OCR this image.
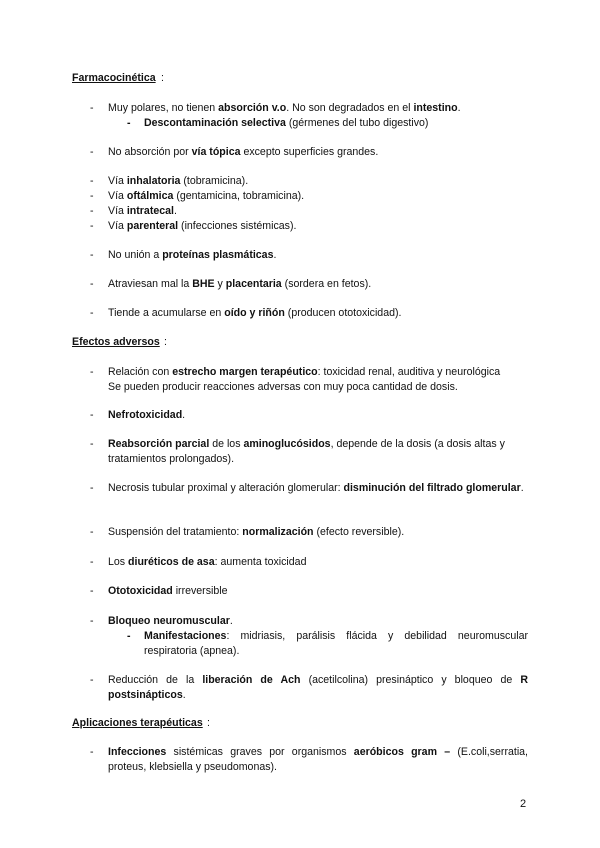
Farmacocinética :
- Muy polares, no tienen absorción v.o. No son degradados en el intestino.
- Descontaminación selectiva (gérmenes del tubo digestivo)
- No absorción por vía tópica excepto superficies grandes.
- Vía inhalatoria (tobramicina).
- Vía oftálmica (gentamicina, tobramicina).
- Vía intratecal.
- Vía parenteral (infecciones sistémicas).
- No unión a proteínas plasmáticas.
- Atraviesan mal la BHE y placentaria (sordera en fetos).
- Tiende a acumularse en oído y riñón (producen ototoxicidad).
Efectos adversos :
- Relación con estrecho margen terapéutico: toxicidad renal, auditiva y neurológica
Se pueden producir reacciones adversas con muy poca cantidad de dosis.
- Nefrotoxicidad.
- Reabsorción parcial de los aminoglucósidos, depende de la dosis (a dosis altas y tratamientos prolongados).
- Necrosis tubular proximal y alteración glomerular: disminución del filtrado glomerular.
- Suspensión del tratamiento: normalización (efecto reversible).
- Los diuréticos de asa: aumenta toxicidad
- Ototoxicidad irreversible
- Bloqueo neuromuscular.
- Manifestaciones: midriasis, parálisis flácida y debilidad neuromuscular respiratoria (apnea).
- Reducción de la liberación de Ach (acetilcolina) presináptico y bloqueo de R postsinápticos.
Aplicaciones terapéuticas :
- Infecciones sistémicas graves por organismos aeróbicos gram – (E.coli,serratia, proteus, klebsiella y pseudomonas).
2
